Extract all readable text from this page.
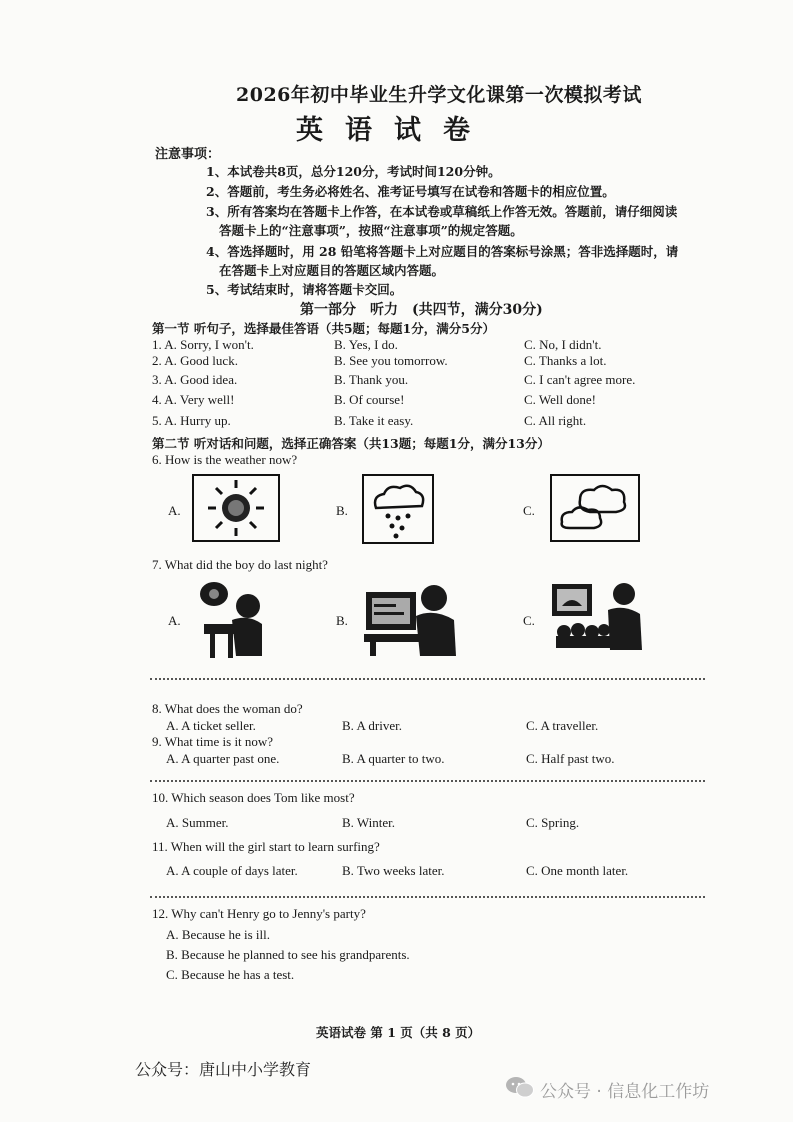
2026年初中毕业生升学文化课第一次模拟考试
英语试卷
注意事项：
1、本试卷共8页，总分120分，考试时间120分钟。
2、答题前，考生务必将姓名、准考证号填写在试卷和答题卡的相应位置。
3、所有答案均在答题卡上作答，在本试卷或草稿纸上作答无效。答题前，请仔细阅读
答题卡上的“注意事项”，按照“注意事项”的规定答题。
4、答选择题时，用 28 铅笔将答题卡上对应题目的答案标号涂黑；答非选择题时，请
在答题卡上对应题目的答题区域内答题。
5、考试结束时，请将答题卡交回。
第一部分　听力　(共四节，满分30分)
第一节 听句子，选择最佳答语（共5题；每题1分，满分5分）
1. A. Sorry, I won't.	B. Yes, I do.	C. No, I didn't.
2. A. Good luck.	B. See you tomorrow.	C. Thanks a lot.
3. A. Good idea.	B. Thank you.	C. I can't agree more.
4. A. Very well!	B. Of course!	C. Well done!
5. A. Hurry up.	B. Take it easy.	C. All right.
第二节 听对话和问题，选择正确答案（共13题；每题1分，满分13分）
6. How is the weather now?
A.	B.	C.
7. What did the boy do last night?
A.	B.	C.
8. What does the woman do?
A. A ticket seller.	B. A driver.	C. A traveller.
9. What time is it now?
A. A quarter past one.	B. A quarter to two.	C. Half past two.
10. Which season does Tom like most?
A. Summer.	B. Winter.	C. Spring.
11. When will the girl start to learn surfing?
A. A couple of days later.	B. Two weeks later.	C. One month later.
12. Why can't Henry go to Jenny's party?
A. Because he is ill.
B. Because he planned to see his grandparents.
C. Because he has a test.
英语试卷 第 1 页（共 8 页）
公众号：唐山中小学教育
公众号 · 信息化工作坊
